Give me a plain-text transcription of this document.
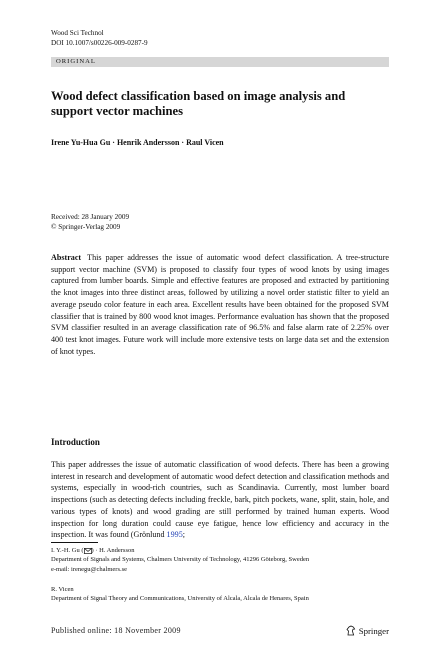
Wood Sci Technol
DOI 10.1007/s00226-009-0287-9
ORIGINAL
Wood defect classification based on image analysis and support vector machines
Irene Yu-Hua Gu · Henrik Andersson · Raul Vicen
Received: 28 January 2009
© Springer-Verlag 2009
Abstract This paper addresses the issue of automatic wood defect classification. A tree-structure support vector machine (SVM) is proposed to classify four types of wood knots by using images captured from lumber boards. Simple and effective features are proposed and extracted by partitioning the knot images into three distinct areas, followed by utilizing a novel order statistic filter to yield an average pseudo color feature in each area. Excellent results have been obtained for the proposed SVM classifier that is trained by 800 wood knot images. Performance evaluation has shown that the proposed SVM classifier resulted in an average classification rate of 96.5% and false alarm rate of 2.25% over 400 test knot images. Future work will include more extensive tests on large data set and the extension of knot types.
Introduction
This paper addresses the issue of automatic classification of wood defects. There has been a growing interest in research and development of automatic wood defect detection and classification methods and systems, especially in wood-rich countries, such as Scandinavia. Currently, most lumber board inspections (such as detecting defects including freckle, bark, pitch pockets, wane, split, stain, hole, and various types of knots) and wood grading are still performed by trained human experts. Wood inspection for long duration could cause eye fatigue, hence low efficiency and accuracy in the inspection. It was found (Grönlund 1995;
I. Y.-H. Gu ( ) · H. Andersson
Department of Signals and Systems, Chalmers University of Technology, 41296 Göteborg, Sweden
e-mail: irenegu@chalmers.se
R. Vicen
Department of Signal Theory and Communications, University of Alcala, Alcala de Henares, Spain
Published online: 18 November 2009	Springer
